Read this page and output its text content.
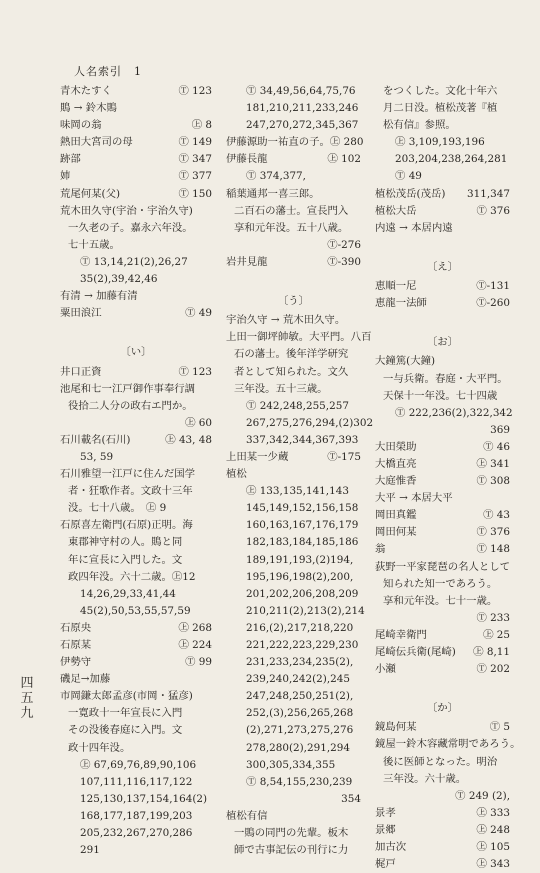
人名索引　1
青木たすく	Ⓣ 123
鵙 → 鈴木鵙
味岡の翁	㊤ 8
熱田大宮司の母	Ⓣ 149
跡部	Ⓣ 347
姉	Ⓣ 377
荒尾何某(父)	Ⓣ 150
荒木田久守(宇治・宇治久守)
一久老の子。嘉永六年没。
七十五歳。
Ⓣ 13,14,21(2),26,27
35(2),39,42,46
有清 → 加藤有清
粟田浪江	Ⓣ 49
〔い〕
井口正資	Ⓣ 123
池尾和七一江戸御作事奉行調
役拾二人分の政右エ門か。
㊤ 60
石川載名(石川)	㊤ 43, 48
53, 59
石川雅望一江戸に住んだ国学
者・狂歌作者。文政十三年
没。七十八歳。　㊤ 9
石原喜左衛門(石原)正明。海
東郡神守村の人。鵙と同
年に宣長に入門した。文
政四年没。六十二歳。㊤12
14,26,29,33,41,44
45(2),50,53,55,57,59
石原央	㊤ 268
石原某	㊤ 224
伊勢守	Ⓣ 99
磯足→加藤
市岡鎌太郎孟彦(市岡・猛彦)
一寛政十一年宣長に入門
その没後春庭に入門。文
政十四年没。
㊤ 67,69,76,89,90,106
107,111,116,117,122
125,130,137,154,164(2)
168,177,187,199,203
205,232,267,270,286
291
Ⓣ 34,49,56,64,75,76
181,210,211,233,246
247,270,272,345,367
伊藤源助一祐直の子。 ㊤ 280
伊藤長龍	㊤ 102
Ⓣ 374,377,
稲葉通邦一喜三郎。
二百石の藩士。宣長門入
享和元年没。五十八歳。
Ⓣ-276
岩井見龍	Ⓣ-390
〔う〕
宇治久守 → 荒木田久守。
上田一御坪帥敏。大平門。八百
石の藩士。後年洋学研究
者として知られた。文久
三年没。五十三歳。
Ⓣ 242,248,255,257
267,275,276,294,(2)302
337,342,344,367,393
上田某一少蔵	Ⓣ-175
植松
㊤ 133,135,141,143
145,149,152,156,158
160,163,167,176,179
182,183,184,185,186
189,191,193,(2)194,
195,196,198(2),200,
201,202,206,208,209
210,211(2),213(2),214
216,(2),217,218,220
221,222,223,229,230
231,233,234,235(2),
239,240,242(2),245
247,248,250,251(2),
252,(3),256,265,268
(2),271,273,275,276
278,280(2),291,294
300,305,334,355
Ⓣ 8,54,155,230,239
354
植松有信
一鵙の同門の先輩。板木
師で古事記伝の刊行に力
をつくした。文化十年六
月二日没。植松茂著『植
松有信』参照。
㊤ 3,109,193,196
203,204,238,264,281
Ⓣ 49
植松茂岳(茂岳) 311,347
植松大岳	Ⓣ 376
内遠 → 本居内遠
〔え〕
恵順一尼	Ⓣ-131
恵龍一法師	Ⓣ-260
〔お〕
大鐘篤(大鐘)
一与兵衛。春庭・大平門。
天保十一年没。七十四歳
Ⓣ 222,236(2),322,342
369
大田榮助	Ⓣ 46
大橋直亮	㊤ 341
大庭惟香	Ⓣ 308
大平 → 本居大平
岡田真鑑	Ⓣ 43
岡田何某	Ⓣ 376
翁	Ⓣ 148
荻野一平家琵琶の名人として
知られた知一であろう。
享和元年没。七十一歳。
Ⓣ 233
尾崎幸衛門	㊤ 25
尾崎伝兵衛(尾崎) ㊤ 8,11
小瀬	Ⓣ 202
〔か〕
鏡島何某	Ⓣ 5
鏡屋一鈴木容藏常明であろう。
後に医師となった。明治
三年没。六十歳。
Ⓣ 249 (2),
景孝	㊤ 333
景郷	㊤ 248
加古次	㊤ 105
梶戸	㊤ 343
四
五
九
